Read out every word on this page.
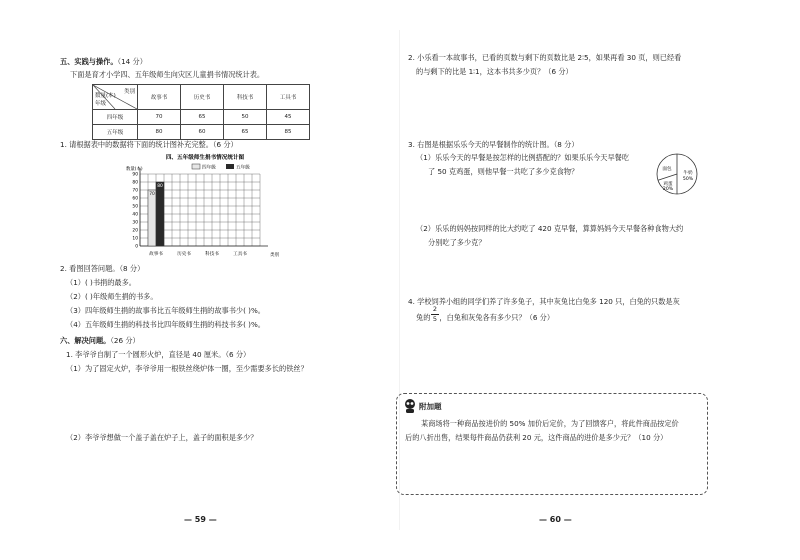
五、实践与操作。（14 分）
下面是育才小学四、五年级师生向灾区儿童捐书情况统计表。
类别
数量(本)
年级	故事书	历史书	科技书	工具书
四年级	70	65	50	45
五年级	80	60	65	85
1. 请根据表中的数据将下面的统计图补充完整。（6 分）
四、五年级师生捐书情况统计图
四年级	五年级
0
10
20
30
40
50
60
70
80
90
数量(本)
类别
故事书	历史书	科技书	工具书
70
80
2. 看图回答问题。（8 分）
（1）( )书捐的最多。
（2）( )年级师生捐的书多。
（3）四年级师生捐的故事书比五年级师生捐的故事书少( )%。
（4）五年级师生捐的科技书比四年级师生捐的科技书多( )%。
六、解决问题。（26 分）
1. 李爷爷自制了一个圆形火炉，直径是 40 厘米。（6 分）
（1）为了固定火炉，李爷爷用一根铁丝绕炉体一圈，至少需要多长的铁丝？
（2）李爷爷想做一个盖子盖在炉子上，盖子的面积是多少？
— 59 —
2. 小乐看一本故事书，已看的页数与剩下的页数比是 2∶5，如果再看 30 页，则已经看
的与剩下的比是 1∶1，这本书共多少页？（6 分）
3. 右图是根据乐乐今天的早餐制作的统计图。（8 分）
（1）乐乐今天的早餐是按怎样的比例搭配的？如果乐乐今天早餐吃
了 50 克鸡蛋，则他早餐一共吃了多少克食物？	牛奶
50%
面包
鸡蛋
20%
（2）乐乐的妈妈按同样的比大约吃了 420 克早餐，算算妈妈今天早餐各种食物大约
分别吃了多少克？
4. 学校饲养小组的同学们养了许多兔子，其中灰兔比白兔多 120 只，白兔的只数是灰
兔的 ，白兔和灰兔各有多少只？（6 分）
2
5
— 60 —
附加题
某商场将一种商品按进价的 50% 加价后定价，为了回馈客户，将此件商品按定价
后的八折出售，结果每件商品仍获利 20 元，这件商品的进价是多少元？（10 分）
